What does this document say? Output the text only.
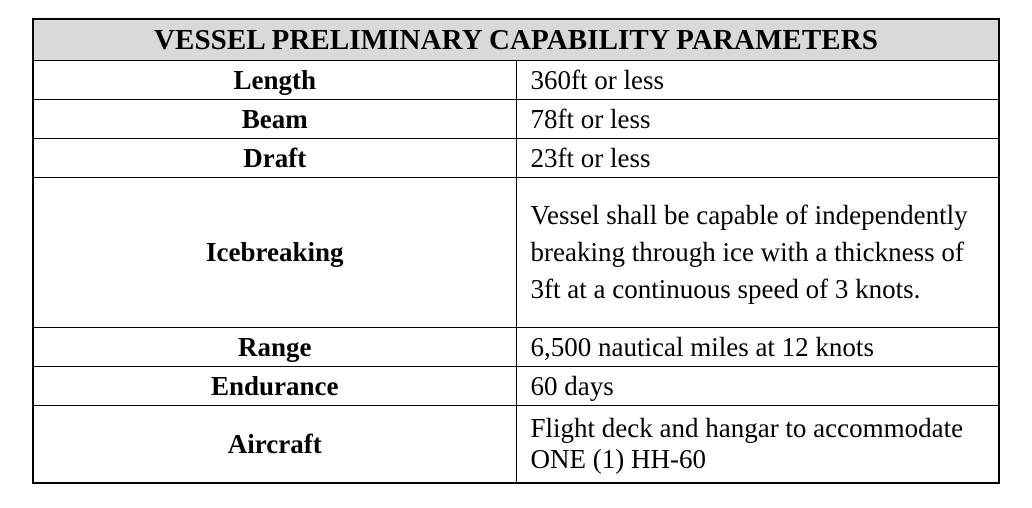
VESSEL PRELIMINARY CAPABILITY PARAMETERS	
Length	360ft or less
Beam	78ft or less
Draft	23ft or less
Icebreaking	Vessel shall be capable of independently breaking through ice with a thickness of 3ft at a continuous speed of 3 knots.
Range	6,500 nautical miles at 12 knots
Endurance	60 days
Aircraft	Flight deck and hangar to accommodate ONE (1) HH-60
